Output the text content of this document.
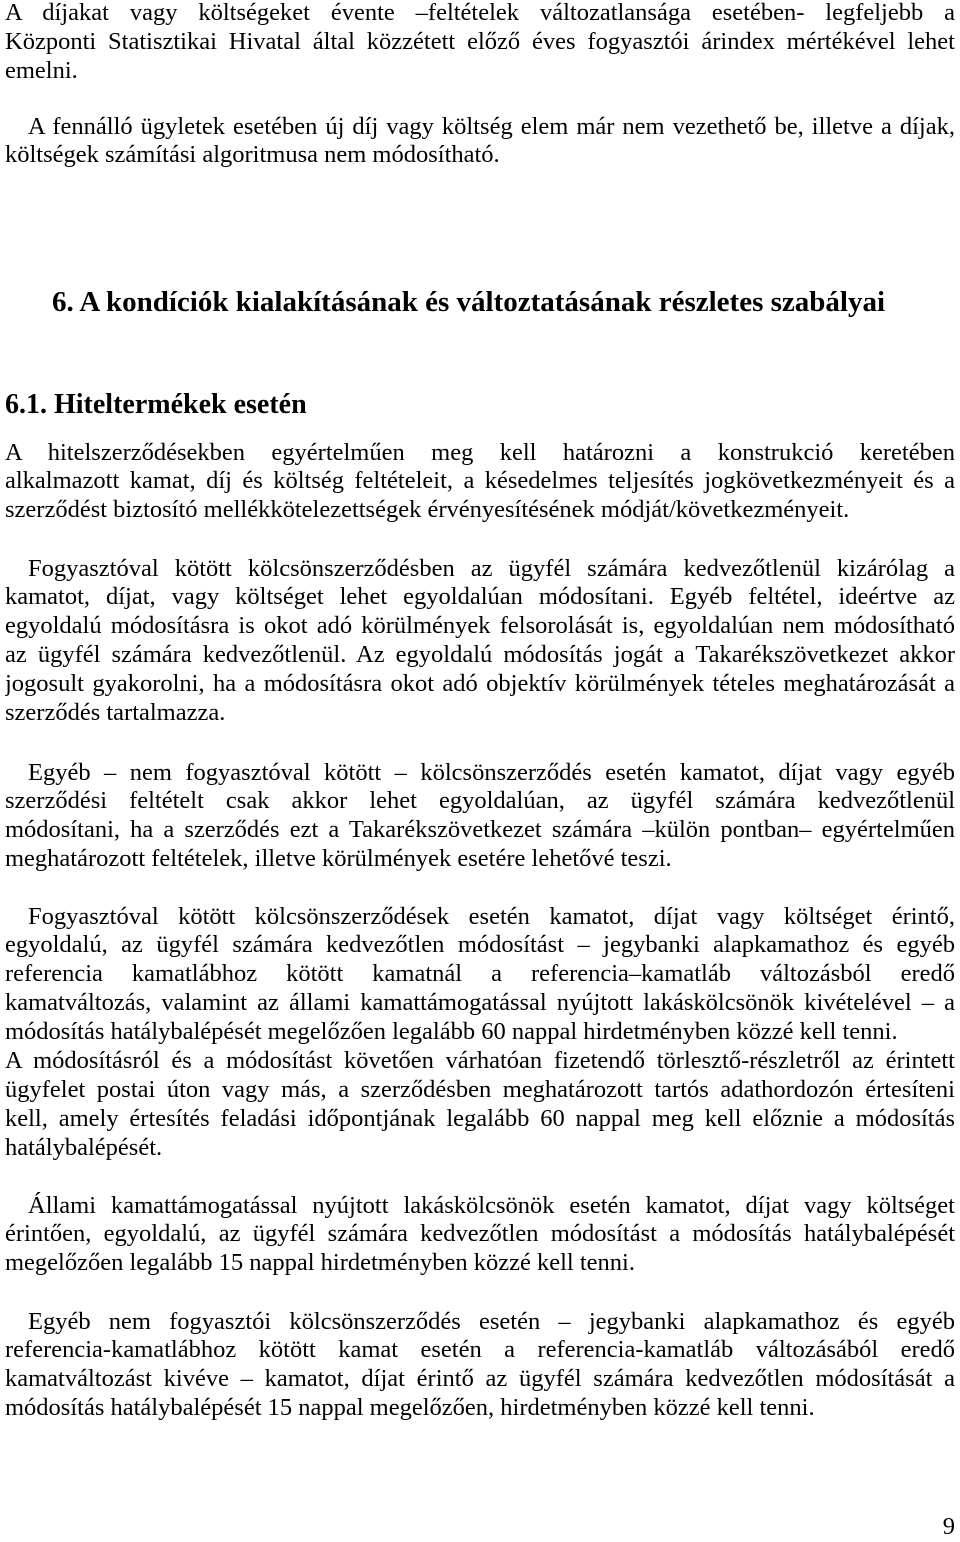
A díjakat vagy költségeket évente –feltételek változatlansága esetében- legfeljebb a
Központi Statisztikai Hivatal által közzétett előző éves fogyasztói árindex mértékével lehet
emelni.
A fennálló ügyletek esetében új díj vagy költség elem már nem vezethető be, illetve a díjak,
költségek számítási algoritmusa nem módosítható.
6. A kondíciók kialakításának és változtatásának részletes szabályai
6.1. Hiteltermékek esetén
A hitelszerződésekben egyértelműen meg kell határozni a konstrukció keretében
alkalmazott kamat, díj és költség feltételeit, a késedelmes teljesítés jogkövetkezményeit és a
szerződést biztosító mellékkötelezettségek érvényesítésének módját/következményeit.
Fogyasztóval kötött kölcsönszerződésben az ügyfél számára kedvezőtlenül kizárólag a
kamatot, díjat, vagy költséget lehet egyoldalúan módosítani. Egyéb feltétel, ideértve az
egyoldalú módosításra is okot adó körülmények felsorolását is, egyoldalúan nem módosítható
az ügyfél számára kedvezőtlenül. Az egyoldalú módosítás jogát a Takarékszövetkezet akkor
jogosult gyakorolni, ha a módosításra okot adó objektív körülmények tételes meghatározását a
szerződés tartalmazza.
Egyéb – nem fogyasztóval kötött – kölcsönszerződés esetén kamatot, díjat vagy egyéb
szerződési feltételt csak akkor lehet egyoldalúan, az ügyfél számára kedvezőtlenül
módosítani, ha a szerződés ezt a Takarékszövetkezet számára –külön pontban– egyértelműen
meghatározott feltételek, illetve körülmények esetére lehetővé teszi.
Fogyasztóval kötött kölcsönszerződések esetén kamatot, díjat vagy költséget érintő,
egyoldalú, az ügyfél számára kedvezőtlen módosítást – jegybanki alapkamathoz és egyéb
referencia kamatlábhoz kötött kamatnál a referencia–kamatláb változásból eredő
kamatváltozás, valamint az állami kamattámogatással nyújtott lakáskölcsönök kivételével – a
módosítás hatálybalépését megelőzően legalább 60 nappal hirdetményben közzé kell tenni.
A módosításról és a módosítást követően várhatóan fizetendő törlesztő-részletről az érintett
ügyfelet postai úton vagy más, a szerződésben meghatározott tartós adathordozón értesíteni
kell, amely értesítés feladási időpontjának legalább 60 nappal meg kell előznie a módosítás
hatálybalépését.
Állami kamattámogatással nyújtott lakáskölcsönök esetén kamatot, díjat vagy költséget
érintően, egyoldalú, az ügyfél számára kedvezőtlen módosítást a módosítás hatálybalépését
megelőzően legalább 15 nappal hirdetményben közzé kell tenni.
Egyéb nem fogyasztói kölcsönszerződés esetén – jegybanki alapkamathoz és egyéb
referencia-kamatlábhoz kötött kamat esetén a referencia-kamatláb változásából eredő
kamatváltozást kivéve – kamatot, díjat érintő az ügyfél számára kedvezőtlen módosítását a
módosítás hatálybalépését 15 nappal megelőzően, hirdetményben közzé kell tenni.
9
